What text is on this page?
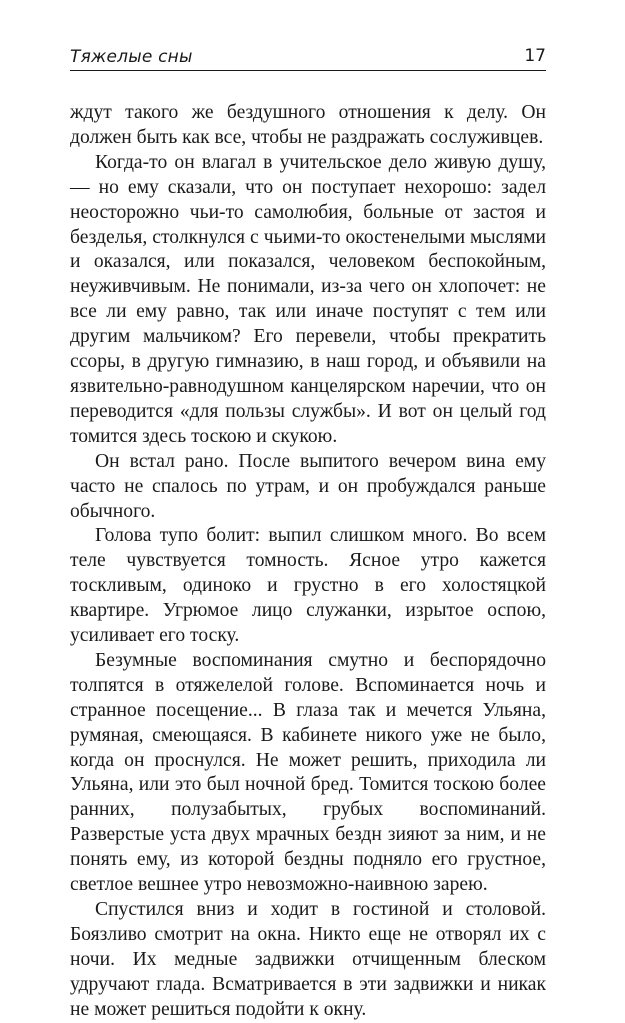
Тяжелые сны	17

ждут такого же бездушного отношения к делу. Он должен быть как все, чтобы не раздражать сослуживцев.

Когда-то он влагал в учительское дело живую душу, — но ему сказали, что он поступает нехорошо: задел неосторожно чьи-то самолюбия, больные от застоя и безделья, столкнулся с чьими-то окостенелыми мыслями и оказался, или показался, человеком беспокойным, неуживчивым. Не понимали, из-за чего он хлопочет: не все ли ему равно, так или иначе поступят с тем или другим мальчиком? Его перевели, чтобы прекратить ссоры, в другую гимназию, в наш город, и объявили на язвительно-равнодушном канцелярском наречии, что он переводится «для пользы службы». И вот он целый год томится здесь тоскою и скукою.

Он встал рано. После выпитого вечером вина ему часто не спалось по утрам, и он пробуждался раньше обычного.

Голова тупо болит: выпил слишком много. Во всем теле чувствуется томность. Ясное утро кажется тоскливым, одиноко и грустно в его холостяцкой квартире. Угрюмое лицо служанки, изрытое оспою, усиливает его тоску.

Безумные воспоминания смутно и беспорядочно толпятся в отяжелелой голове. Вспоминается ночь и странное посещение... В глаза так и мечется Ульяна, румяная, смеющаяся. В кабинете никого уже не было, когда он проснулся. Не может решить, приходила ли Ульяна, или это был ночной бред. Томится тоскою более ранних, полузабытых, грубых воспоминаний. Разверстые уста двух мрачных бездн зияют за ним, и не понять ему, из которой бездны подняло его грустное, светлое вешнее утро невозможно-наивною зарею.

Спустился вниз и ходит в гостиной и столовой. Боязливо смотрит на окна. Никто еще не отворял их с ночи. Их медные задвижки отчищенным блеском удручают глада. Всматривается в эти задвижки и никак не может решиться подойти к окну.
